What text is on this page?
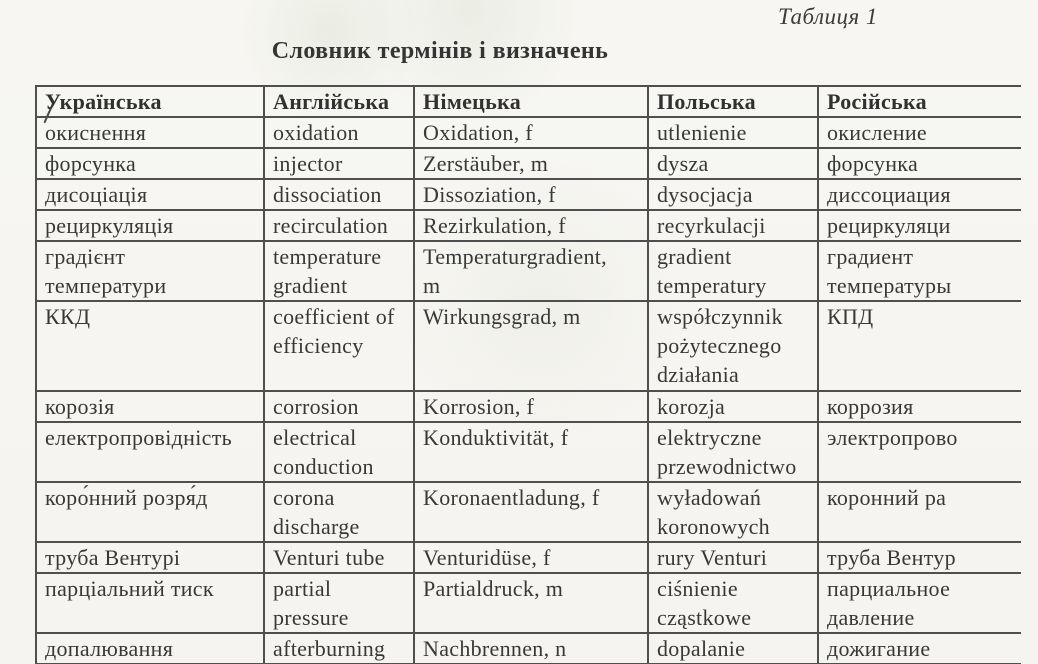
Таблиця 1
Словник термінів і визначень
Українська	Англійська	Німецька	Польська	Російська
окиснення	oxidation	Oxidation, f	utlenienie	окисление
форсунка	injector	Zerstäuber, m	dysza	форсунка
дисоціація	dissociation	Dissoziation, f	dysocjacja	диссоциация
рециркуляція	recirculation	Rezirkulation, f	recyrkulacji	рециркуляци
градієнт температури	temperature gradient	Temperaturgradient, m	gradient temperatury	градиент температуры
ККД	coefficient of efficiency	Wirkungsgrad, m	współczynnik pożytecznego działania	КПД
корозія	corrosion	Korrosion, f	korozja	коррозия
електропровідність	electrical conduction	Konduktivität, f	elektryczne przewodnictwo	электропрово
коро́нний розря́д	corona discharge	Koronaentladung, f	wyładowań koronowych	коронний ра
труба Вентурі	Venturi tube	Venturidüse, f	rury Venturi	труба Вентур
парціальний тиск	partial pressure	Partialdruck, m	ciśnienie cząstkowe	парциальное давление
допалювання	afterburning	Nachbrennen, n	dopalanie	дожигание
